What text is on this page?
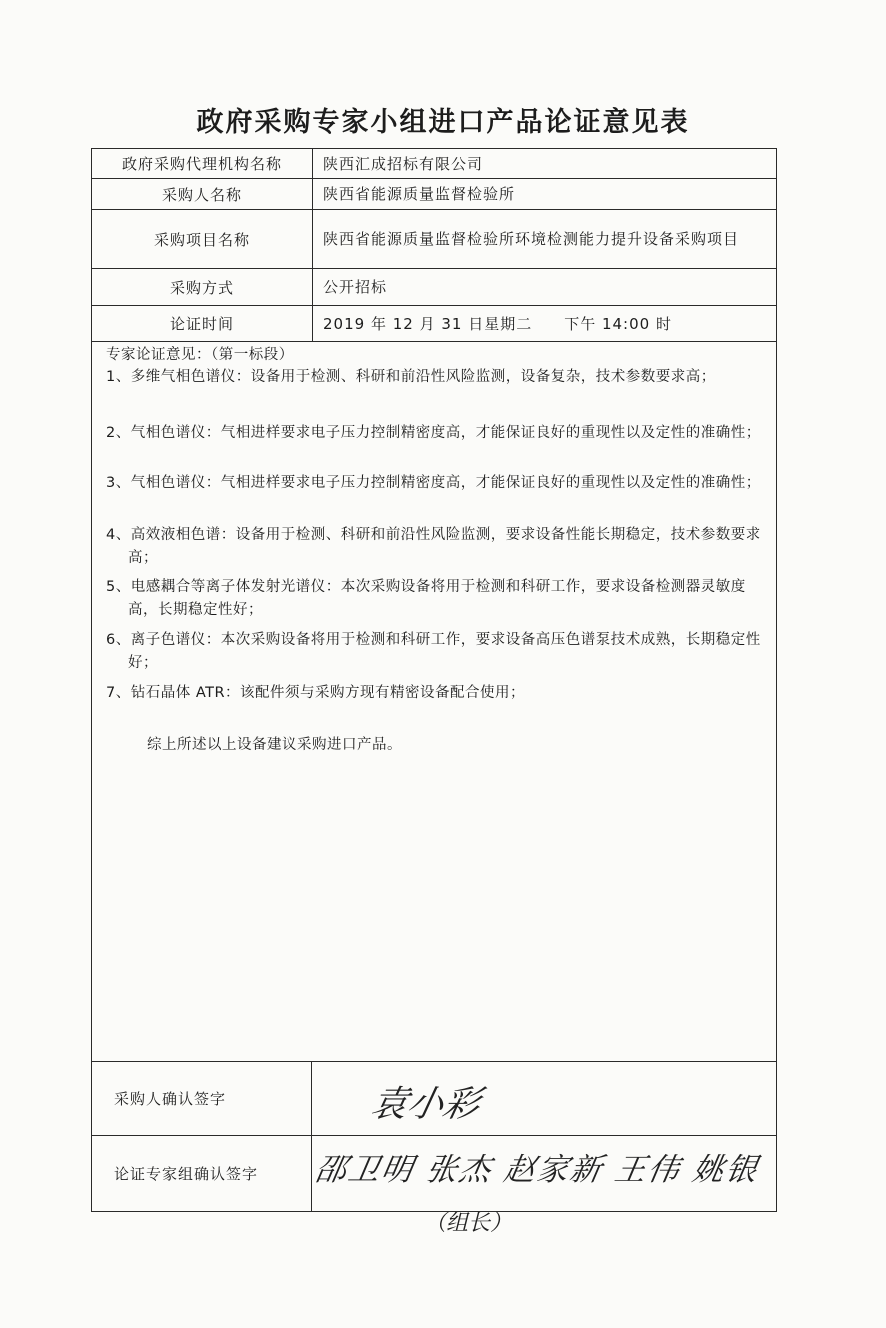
政府采购专家小组进口产品论证意见表
政府采购代理机构名称	陕西汇成招标有限公司
采购人名称	陕西省能源质量监督检验所
采购项目名称	陕西省能源质量监督检验所环境检测能力提升设备采购项目
采购方式	公开招标
论证时间	2019 年 12 月 31 日星期二　　下午 14:00 时
专家论证意见：（第一标段）
1、多维气相色谱仪：设备用于检测、科研和前沿性风险监测，设备复杂，技术参数要求高；
2、气相色谱仪：气相进样要求电子压力控制精密度高，才能保证良好的重现性以及定性的准确性；
3、气相色谱仪：气相进样要求电子压力控制精密度高，才能保证良好的重现性以及定性的准确性；
4、高效液相色谱：设备用于检测、科研和前沿性风险监测，要求设备性能长期稳定，技术参数要求高；
5、电感耦合等离子体发射光谱仪：本次采购设备将用于检测和科研工作，要求设备检测器灵敏度高，长期稳定性好；
6、离子色谱仪：本次采购设备将用于检测和科研工作，要求设备高压色谱泵技术成熟，长期稳定性好；
7、钻石晶体 ATR：该配件须与采购方现有精密设备配合使用；
综上所述以上设备建议采购进口产品。
采购人确认签字	袁小彩
论证专家组确认签字	邵卫明 张杰 赵家新 王伟 姚银
（组长）
